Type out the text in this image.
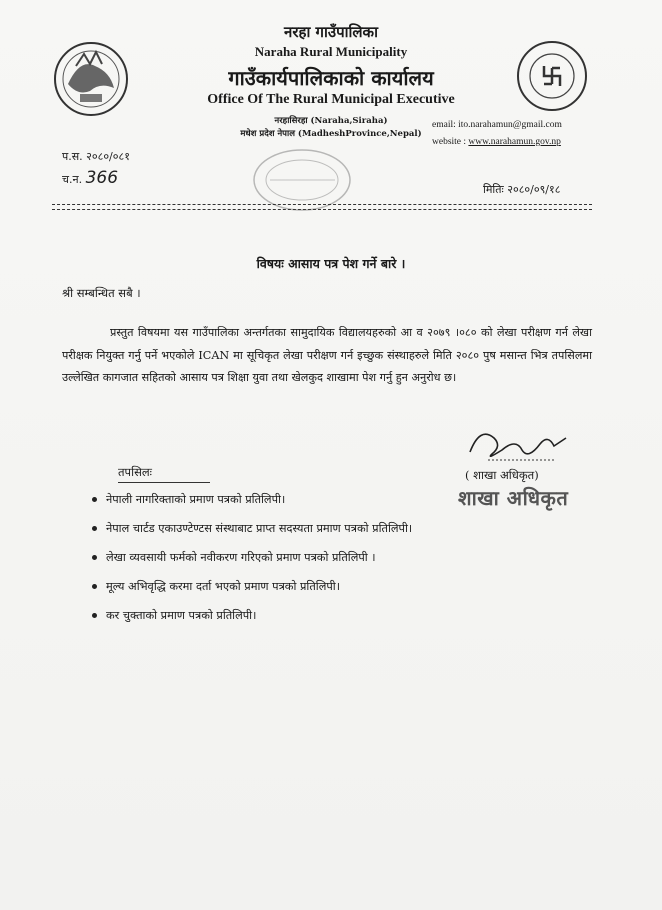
नरहा गाउँपालिका
Naraha Rural Municipality
गाउँकार्यपालिकाको कार्यालय
Office Of The Rural Municipal Executive
नरहासिरहा (Naraha,Siraha)
मधेश प्रदेश नेपाल (MadheshProvince,Nepal)
email: ito.narahamun@gmail.com
website : www.narahamun.gov.np
प.स. २०८०/०८१
च.न. 366
मितिः २०८०/०९/१८
विषयः आसाय पत्र पेश गर्ने बारे ।
श्री सम्बन्धित सबै ।
प्रस्तुत विषयमा यस गाउँपालिका अन्तर्गतका सामुदायिक विद्यालयहरुको आ व २०७९ ।०८० को लेखा परीक्षण गर्न लेखा परीक्षक नियुक्त गर्नु पर्ने भएकोले ICAN मा सूचिकृत लेखा परीक्षण गर्न इच्छुक संस्थाहरुले मिति २०८० पुष मसान्त भित्र तपसिलमा उल्लेखित कागजात सहितको आसाय पत्र शिक्षा युवा तथा खेलकुद शाखामा पेश गर्नु हुन अनुरोध छ।
( शाखा अधिकृत)
शाखा अधिकृत
तपसिलः
नेपाली नागरिक्ताको प्रमाण पत्रको प्रतिलिपी।
नेपाल चार्टड एकाउण्टेण्टस संस्थाबाट प्राप्त सदस्यता प्रमाण पत्रको प्रतिलिपी।
लेखा व्यवसायी फर्मको नवीकरण गरिएको प्रमाण पत्रको प्रतिलिपी ।
मूल्य अभिवृद्धि करमा दर्ता भएको प्रमाण पत्रको प्रतिलिपी।
कर चुक्ताको प्रमाण पत्रको प्रतिलिपी।
